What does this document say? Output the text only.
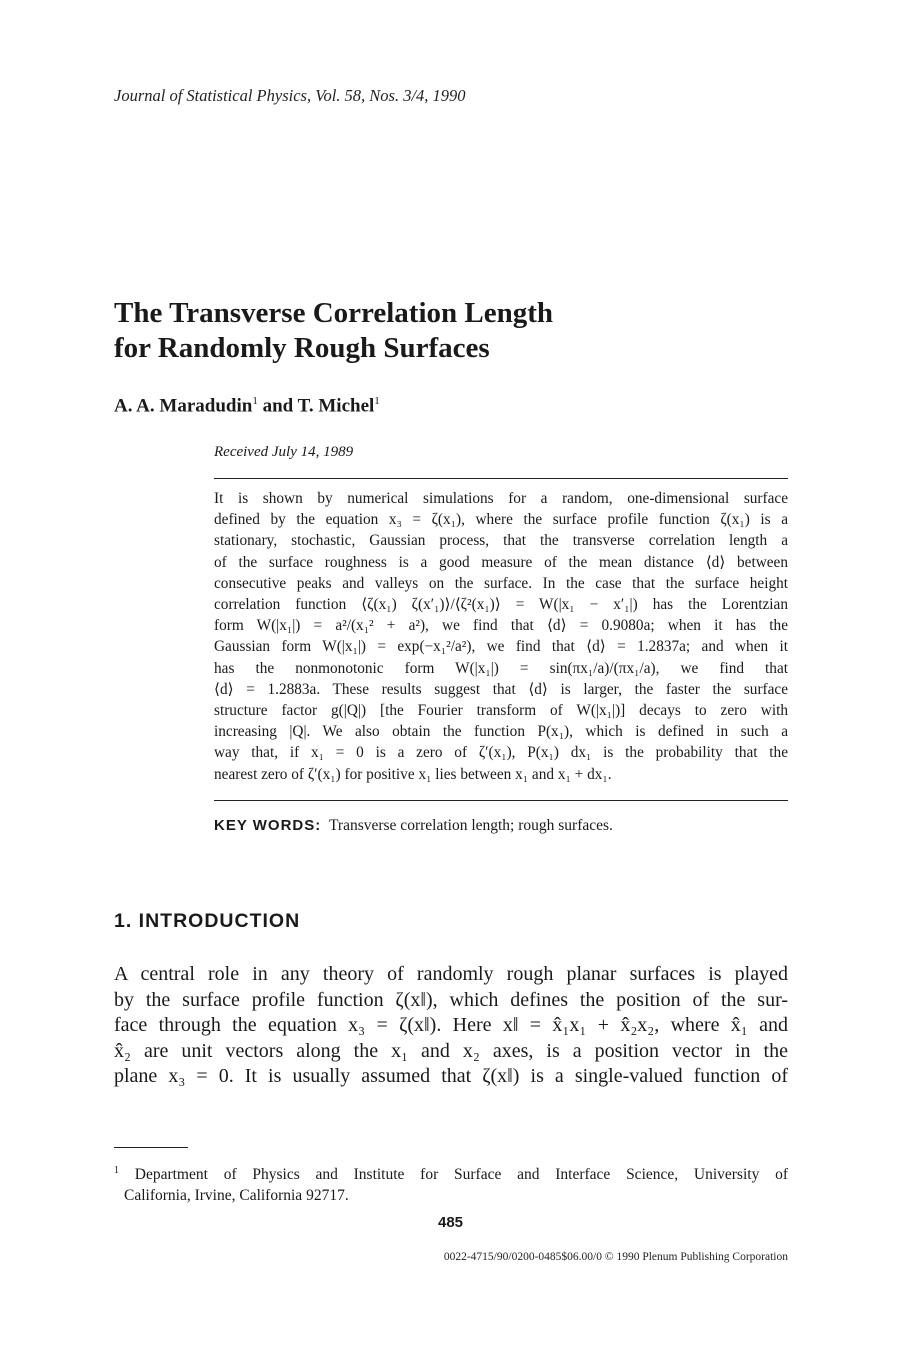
Journal of Statistical Physics, Vol. 58, Nos. 3/4, 1990
The Transverse Correlation Length
for Randomly Rough Surfaces
A. A. Maradudin$^1$ and T. Michel$^1$
Received July 14, 1989
It is shown by numerical simulations for a random, one-dimensional surface
defined by the equation x₃ = ζ(x₁), where the surface profile function ζ(x₁) is a
stationary, stochastic, Gaussian process, that the transverse correlation length a
of the surface roughness is a good measure of the mean distance ⟨d⟩ between
consecutive peaks and valleys on the surface. In the case that the surface height
correlation function ⟨ζ(x₁) ζ(x′₁)⟩/⟨ζ²(x₁)⟩ = W(|x₁ − x′₁|) has the Lorentzian
form W(|x₁|) = a²/(x₁² + a²), we find that ⟨d⟩ = 0.9080a; when it has the
Gaussian form W(|x₁|) = exp(−x₁²/a²), we find that ⟨d⟩ = 1.2837a; and when it
has the nonmonotonic form W(|x₁|) = sin(πx₁/a)/(πx₁/a), we find that
⟨d⟩ = 1.2883a. These results suggest that ⟨d⟩ is larger, the faster the surface
structure factor g(|Q|) [the Fourier transform of W(|x₁|)] decays to zero with
increasing |Q|. We also obtain the function P(x₁), which is defined in such a
way that, if x₁ = 0 is a zero of ζ′(x₁), P(x₁) dx₁ is the probability that the
nearest zero of ζ′(x₁) for positive x₁ lies between x₁ and x₁ + dx₁.
KEY WORDS: Transverse correlation length; rough surfaces.
1. INTRODUCTION
A central role in any theory of randomly rough planar surfaces is played
by the surface profile function ζ(x‖), which defines the position of the sur-
face through the equation x₃ = ζ(x‖). Here x‖ = x̂₁x₁ + x̂₂x₂, where x̂₁ and
x̂₂ are unit vectors along the x₁ and x₂ axes, is a position vector in the
plane x₃ = 0. It is usually assumed that ζ(x‖) is a single-valued function of
$^1$ Department of Physics and Institute for Surface and Interface Science, University of
California, Irvine, California 92717.
485
0022-4715/90/0200-0485$06.00/0 © 1990 Plenum Publishing Corporation
